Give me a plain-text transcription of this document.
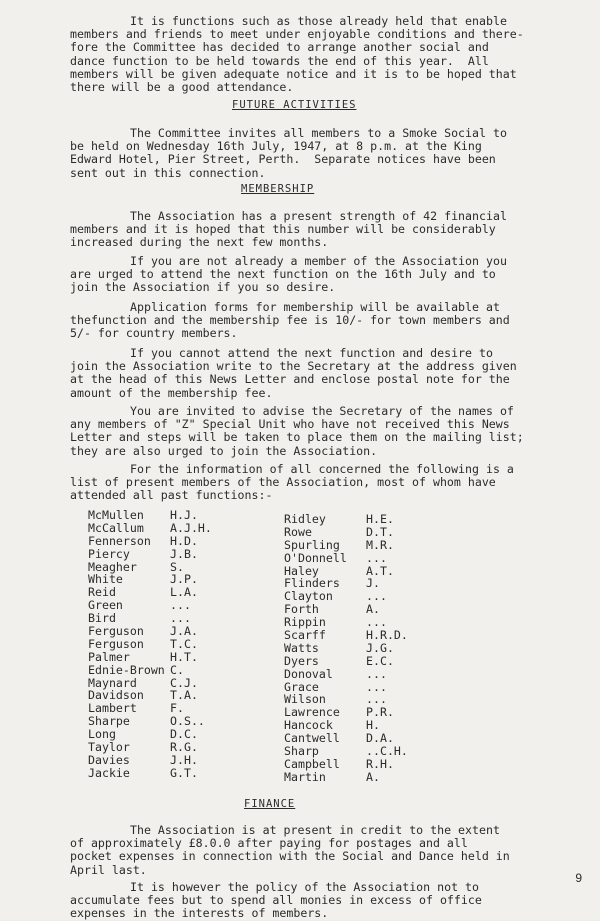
It is functions such as those already held that enable
members and friends to meet under enjoyable conditions and there-
fore the Committee has decided to arrange another social and
dance function to be held towards the end of this year.  All
members will be given adequate notice and it is to be hoped that
there will be a good attendance.
FUTURE ACTIVITIES
The Committee invites all members to a Smoke Social to
be held on Wednesday 16th July, 1947, at 8 p.m. at the King
Edward Hotel, Pier Street, Perth.  Separate notices have been
sent out in this connection.
MEMBERSHIP
The Association has a present strength of 42 financial
members and it is hoped that this number will be considerably
increased during the next few months.
If you are not already a member of the Association you
are urged to attend the next function on the 16th July and to
join the Association if you so desire.
Application forms for membership will be available at
thefunction and the membership fee is 10/- for town members and
5/- for country members.
If you cannot attend the next function and desire to
join the Association write to the Secretary at the address given
at the head of this News Letter and enclose postal note for the
amount of the membership fee.
You are invited to advise the Secretary of the names of
any members of "Z" Special Unit who have not received this News
Letter and steps will be taken to place them on the mailing list;
they are also urged to join the Association.
For the information of all concerned the following is a
list of present members of the Association, most of whom have
attended all past functions:-
McMullen	H.J.
McCallum	A.J.H.
Fennerson	H.D.
Piercy	J.B.
Meagher	S.
White	J.P.
Reid	L.A.
Green	...
Bird	...
Ferguson	J.A.
Ferguson	T.C.
Palmer	H.T.
Ednie-Brown C.
Maynard	C.J.
Davidson	T.A.
Lambert	F.
Sharpe	O.S..
Long	D.C.
Taylor	R.G.
Davies	J.H.
Jackie	G.T.
Ridley	H.E.
Rowe	D.T.
Spurling	M.R.
O'Donnell	...
Haley	A.T.
Flinders	J.
Clayton	...
Forth	A.
Rippin	...
Scarff	H.R.D.
Watts	J.G.
Dyers	E.C.
Donoval	...
Grace	...
Wilson	...
Lawrence	P.R.
Hancock	H.
Cantwell	D.A.
Sharp	..C.H.
Campbell	R.H.
Martin	A.
FINANCE
The Association is at present in credit to the extent
of approximately £8.0.0 after paying for postages and all
pocket expenses in connection with the Social and Dance held in
April last.
It is however the policy of the Association not to
accumulate fees but to spend all monies in excess of office
expenses in the interests of members.
9
